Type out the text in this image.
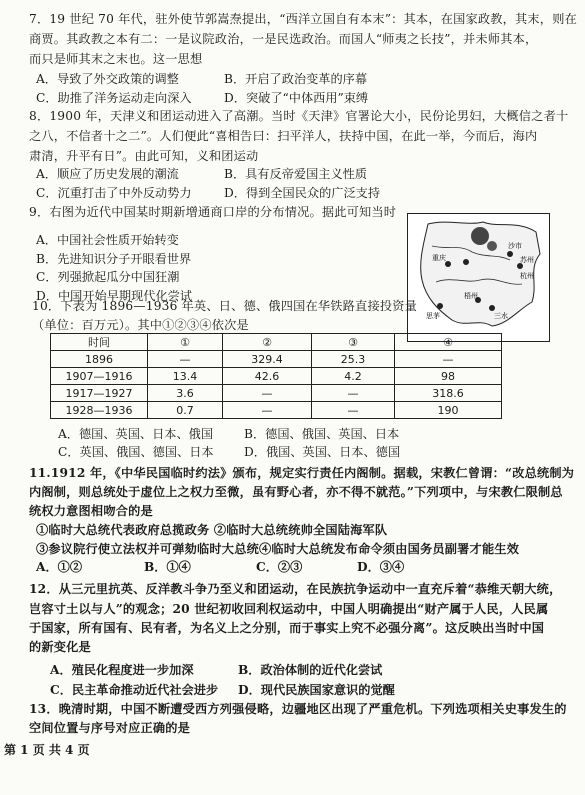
7．19 世纪 70 年代，驻外使节郭嵩焘提出，“西洋立国自有本末”：其本，在国家政教，其末，则在
商贾。其政教之本有二：一是议院政治，一是民选政治。而国人“师夷之长技”，并未师其本，
而只是师其末之末也。这一思想
A．导致了外交政策的调整	B．开启了政治变革的序幕
C．助推了洋务运动走向深入	D．突破了“中体西用”束缚
8．1900 年，天津义和团运动进入了高潮。当时《天津》官署论大小，民份论男妇，大概信之者十
之八，不信者十之二”。人们便此“喜相告曰：扫平洋人，扶持中国，在此一举，今而后，海内
肃清，升平有日”。由此可知，义和团运动
A．顺应了历史发展的潮流	B．具有反帝爱国主义性质
C．沉重打击了中外反动势力	D．得到全国民众的广泛支持
9．右图为近代中国某时期新增通商口岸的分布情况。据此可知当时
A．中国社会性质开始转变
B．先进知识分子开眼看世界
C．列强掀起瓜分中国狂潮
D．中国开始早期现代化尝试
沙市
重庆	苏州
杭州
梧州
三水
思茅
10．下表为 1896—1936 年英、日、德、俄四国在华铁路直接投资量
（单位：百万元）。其中①②③④依次是
时间	①	②	③	④
1896	—	329.4	25.3	—
1907—1916	13.4	42.6	4.2	98
1917—1927	3.6	—	—	318.6
1928—1936	0.7	—	—	190
A．德国、英国、日本、俄国	B．德国、俄国、英国、日本
C．英国、俄国、德国、日本 D．俄国、英国、日本、德国
11.1912 年，《中华民国临时约法》颁布，规定实行责任内阁制。据载，宋教仁曾谓：“改总统制为
内阁制，则总统处于虚位上之权力至微，虽有野心者，亦不得不就范。”下列项中，与宋教仁限制总
统权力意图相吻合的是
①临时大总统代表政府总揽政务 ②临时大总统统帅全国陆海军队
③参议院行使立法权并可弹劾临时大总统④临时大总统发布命令须由国务员副署才能生效
A．①②	B．①④	C．②③	D．③④
12．从三元里抗英、反洋教斗争乃至义和团运动，在民族抗争运动中一直充斥着“恭维天朝大统，
岂容寸土以与人”的观念；20 世纪初收回利权运动中，中国人明确提出“财产属于人民，人民属
于国家，所有国有、民有者，为名义上之分别，而于事实上究不必强分离”。这反映出当时中国
的新变化是
A．殖民化程度进一步加深	B．政治体制的近代化尝试
C．民主革命推动近代社会进步 D．现代民族国家意识的觉醒
13．晚清时期，中国不断遭受西方列强侵略，边疆地区出现了严重危机。下列选项相关史事发生的
空间位置与序号对应正确的是
第 1 页 共 4 页
